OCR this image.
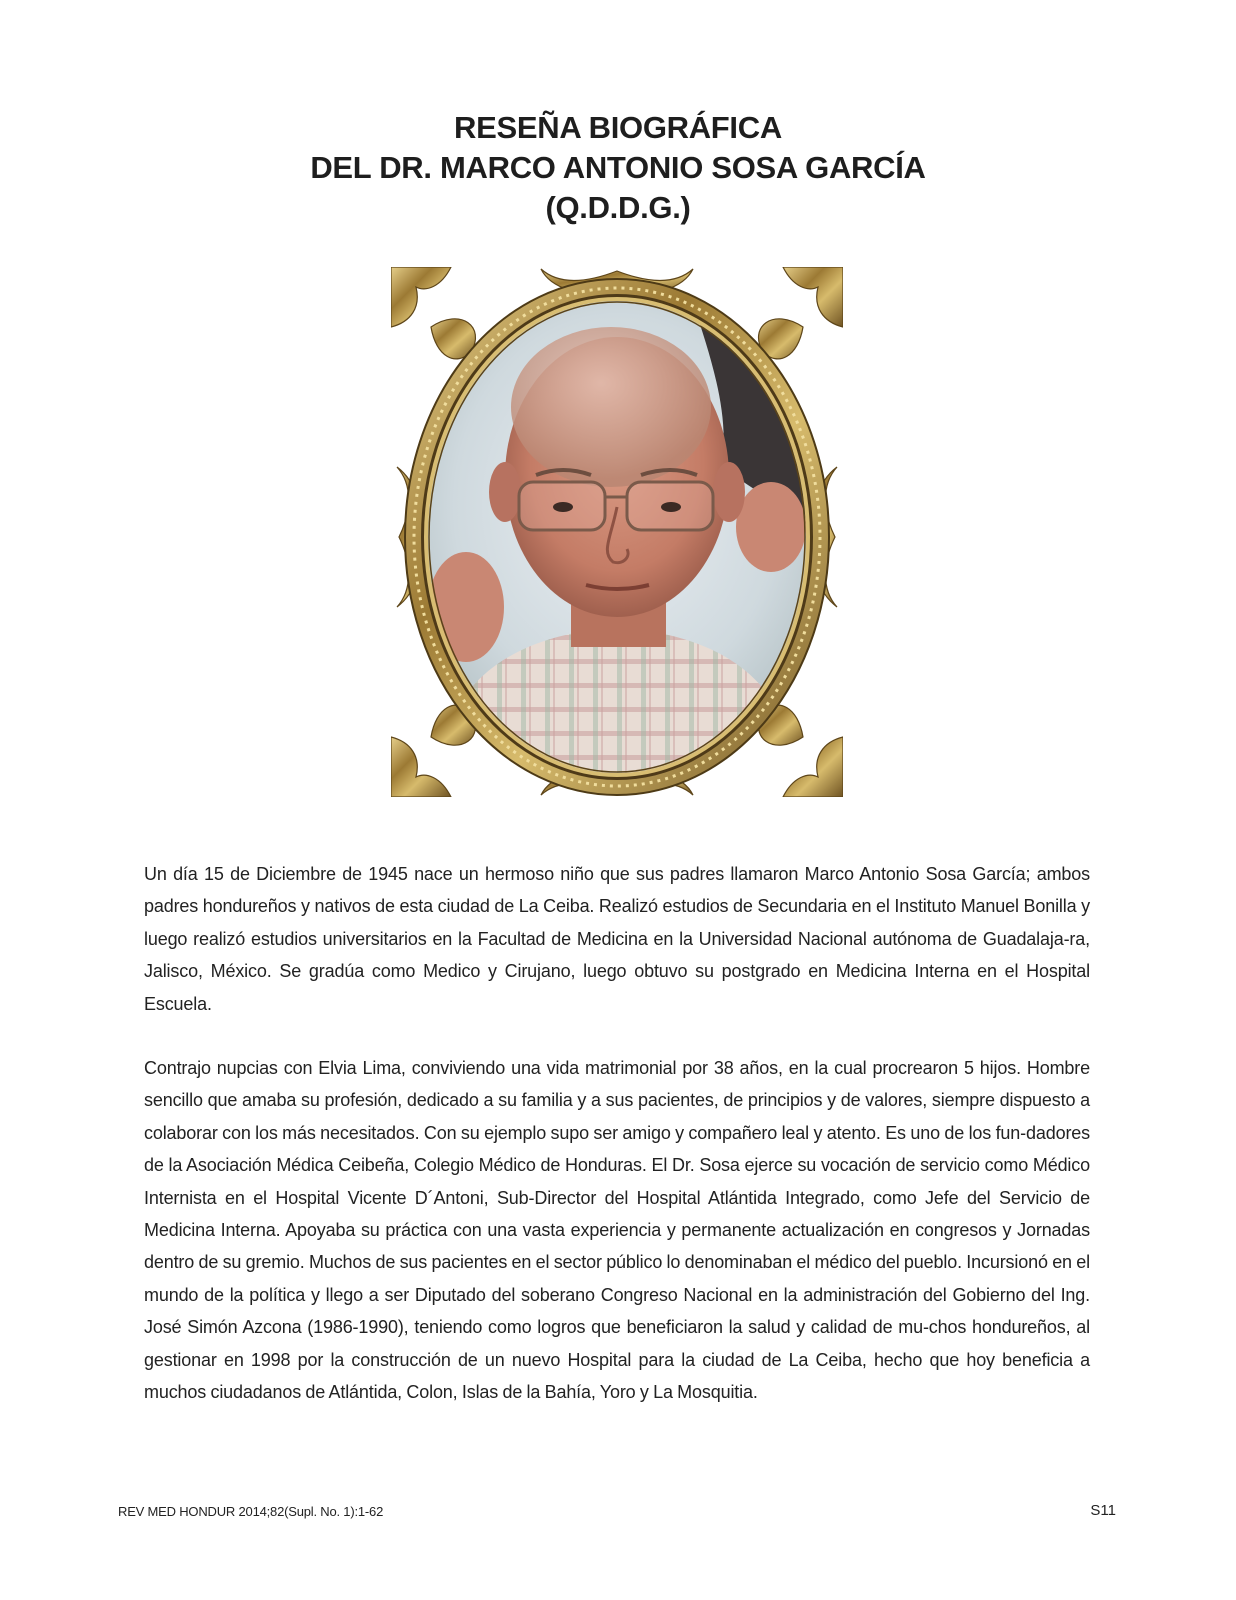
RESEÑA BIOGRÁFICA
DEL DR. MARCO ANTONIO SOSA GARCÍA
(Q.D.D.G.)

Un día 15 de Diciembre de 1945 nace un hermoso niño que sus padres llamaron Marco Antonio Sosa García; ambos padres hondureños y nativos de esta ciudad de La Ceiba. Realizó estudios de Secundaria en el Instituto Manuel Bonilla y luego realizó estudios universitarios en la Facultad de Medicina en la Universidad Nacional autónoma de Guadalaja-ra, Jalisco, México. Se gradúa como Medico y Cirujano, luego obtuvo su postgrado en Medicina Interna en el Hospital Escuela.

Contrajo nupcias con Elvia Lima, conviviendo una vida matrimonial por 38 años, en la cual procrearon 5 hijos. Hombre sencillo que amaba su profesión, dedicado a su familia y a sus pacientes, de principios y de valores, siempre dispuesto a colaborar con los más necesitados. Con su ejemplo supo ser amigo y compañero leal y atento. Es uno de los fun-dadores de la Asociación Médica Ceibeña, Colegio Médico de Honduras. El Dr. Sosa ejerce su vocación de servicio como Médico Internista en el Hospital Vicente D´Antoni, Sub-Director del Hospital Atlántida Integrado, como Jefe del Servicio de Medicina Interna. Apoyaba su práctica con una vasta experiencia y permanente actualización en congresos y Jornadas dentro de su gremio. Muchos de sus pacientes en el sector público lo denominaban el médico del pueblo. Incursionó en el mundo de la política y llego a ser Diputado del soberano Congreso Nacional en la administración del Gobierno del Ing. José Simón Azcona (1986-1990), teniendo como logros que beneficiaron la salud y calidad de mu-chos hondureños, al gestionar en 1998 por la construcción de un nuevo Hospital para la ciudad de La Ceiba, hecho que hoy beneficia a muchos ciudadanos de Atlántida, Colon, Islas de la Bahía, Yoro y La Mosquitia.

REV MED HONDUR 2014;82(Supl. No. 1):1-62	S11
